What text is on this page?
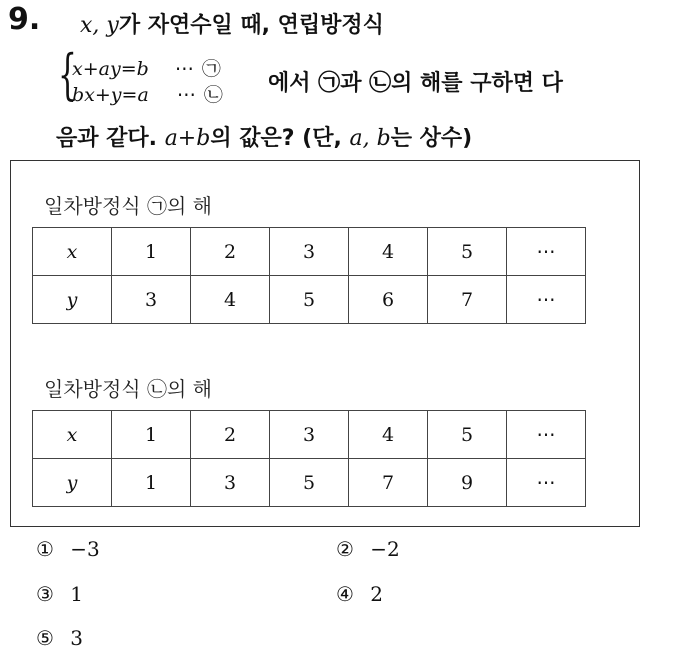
9. x, y가 자연수일 때, 연립방정식
{
x+ay=b ⋯ ㉠
bx+y=a ⋯ ㉡ 에서 ㉠과 ㉡의 해를 구하면 다
음과 같다. a+b의 값은? (단, a, b는 상수)
일차방정식 ㉠의 해
x	1	2	3	4	5	⋯
y	3	4	5	6	7	⋯
일차방정식 ㉡의 해
x	1	2	3	4	5	⋯
y	1	3	5	7	9	⋯
① −3	② −2
③ 1	④ 2
⑤ 3
